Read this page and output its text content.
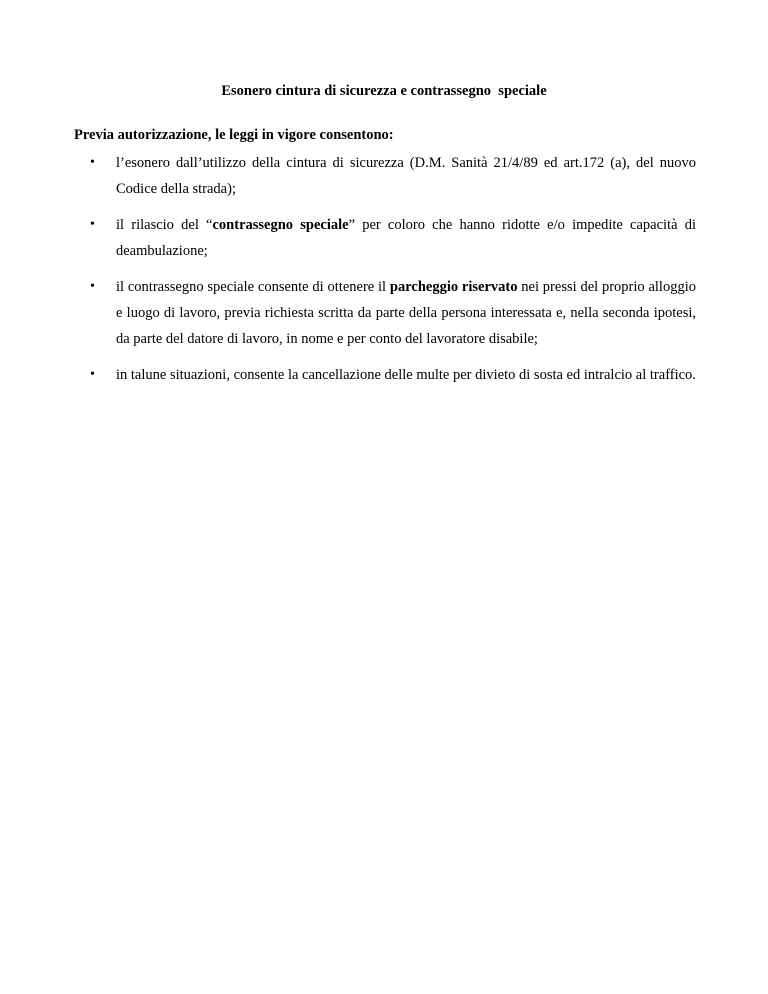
Esonero cintura di sicurezza e contrassegno  speciale
Previa autorizzazione, le leggi in vigore consentono:
• l’esonero dall’utilizzo della cintura di sicurezza (D.M. Sanità 21/4/89 ed art.172 (a), del nuovo Codice della strada);
• il rilascio del “contrassegno speciale” per coloro che hanno ridotte e/o impedite capacità di deambulazione;
• il contrassegno speciale consente di ottenere il parcheggio riservato nei pressi del proprio alloggio e luogo di lavoro, previa richiesta scritta da parte della persona interessata e, nella seconda ipotesi, da parte del datore di lavoro, in nome e per conto del lavoratore disabile;
• in talune situazioni, consente la cancellazione delle multe per divieto di sosta ed intralcio al traffico.
